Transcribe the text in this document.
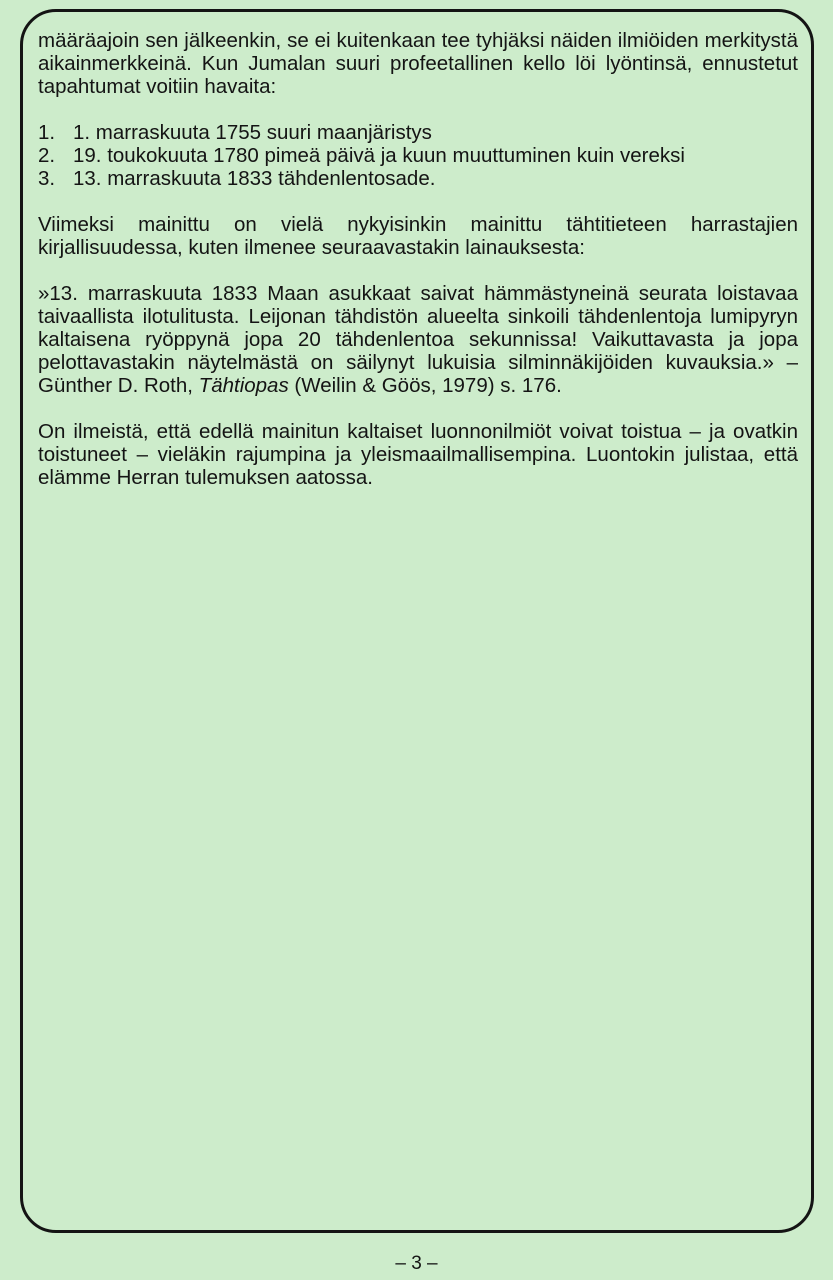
määräajoin sen jälkeenkin, se ei kuitenkaan tee tyhjäksi näiden ilmiöiden merkitystä aikainmerkkeinä. Kun Jumalan suuri profeetallinen kello löi lyöntinsä, ennustetut tapahtumat voitiin havaita:

1. 1. marraskuuta 1755 suuri maanjäristys
2. 19. toukokuuta 1780 pimeä päivä ja kuun muuttuminen kuin vereksi
3. 13. marraskuuta 1833 tähdenlentosade.

Viimeksi mainittu on vielä nykyisinkin mainittu tähtitieteen harrastajien kirjallisuudessa, kuten ilmenee seuraavastakin lainauksesta:

»13. marraskuuta 1833 Maan asukkaat saivat hämmästyneinä seurata loistavaa taivaallista ilotulitusta. Leijonan tähdistön alueelta sinkoili tähdenlentoja lumipyryn kaltaisena ryöppynä jopa 20 tähdenlentoa sekunnissa! Vaikuttavasta ja jopa pelottavastakin näytelmästä on säilynyt lukuisia silminnäkijöiden kuvauksia.» – Günther D. Roth, Tähtiopas (Weilin & Göös, 1979) s. 176.

On ilmeistä, että edellä mainitun kaltaiset luonnonilmiöt voivat toistua – ja ovatkin toistuneet – vieläkin rajumpina ja yleismaailmallisempina. Luontokin julistaa, että elämme Herran tulemuksen aatossa.

– 3 –
